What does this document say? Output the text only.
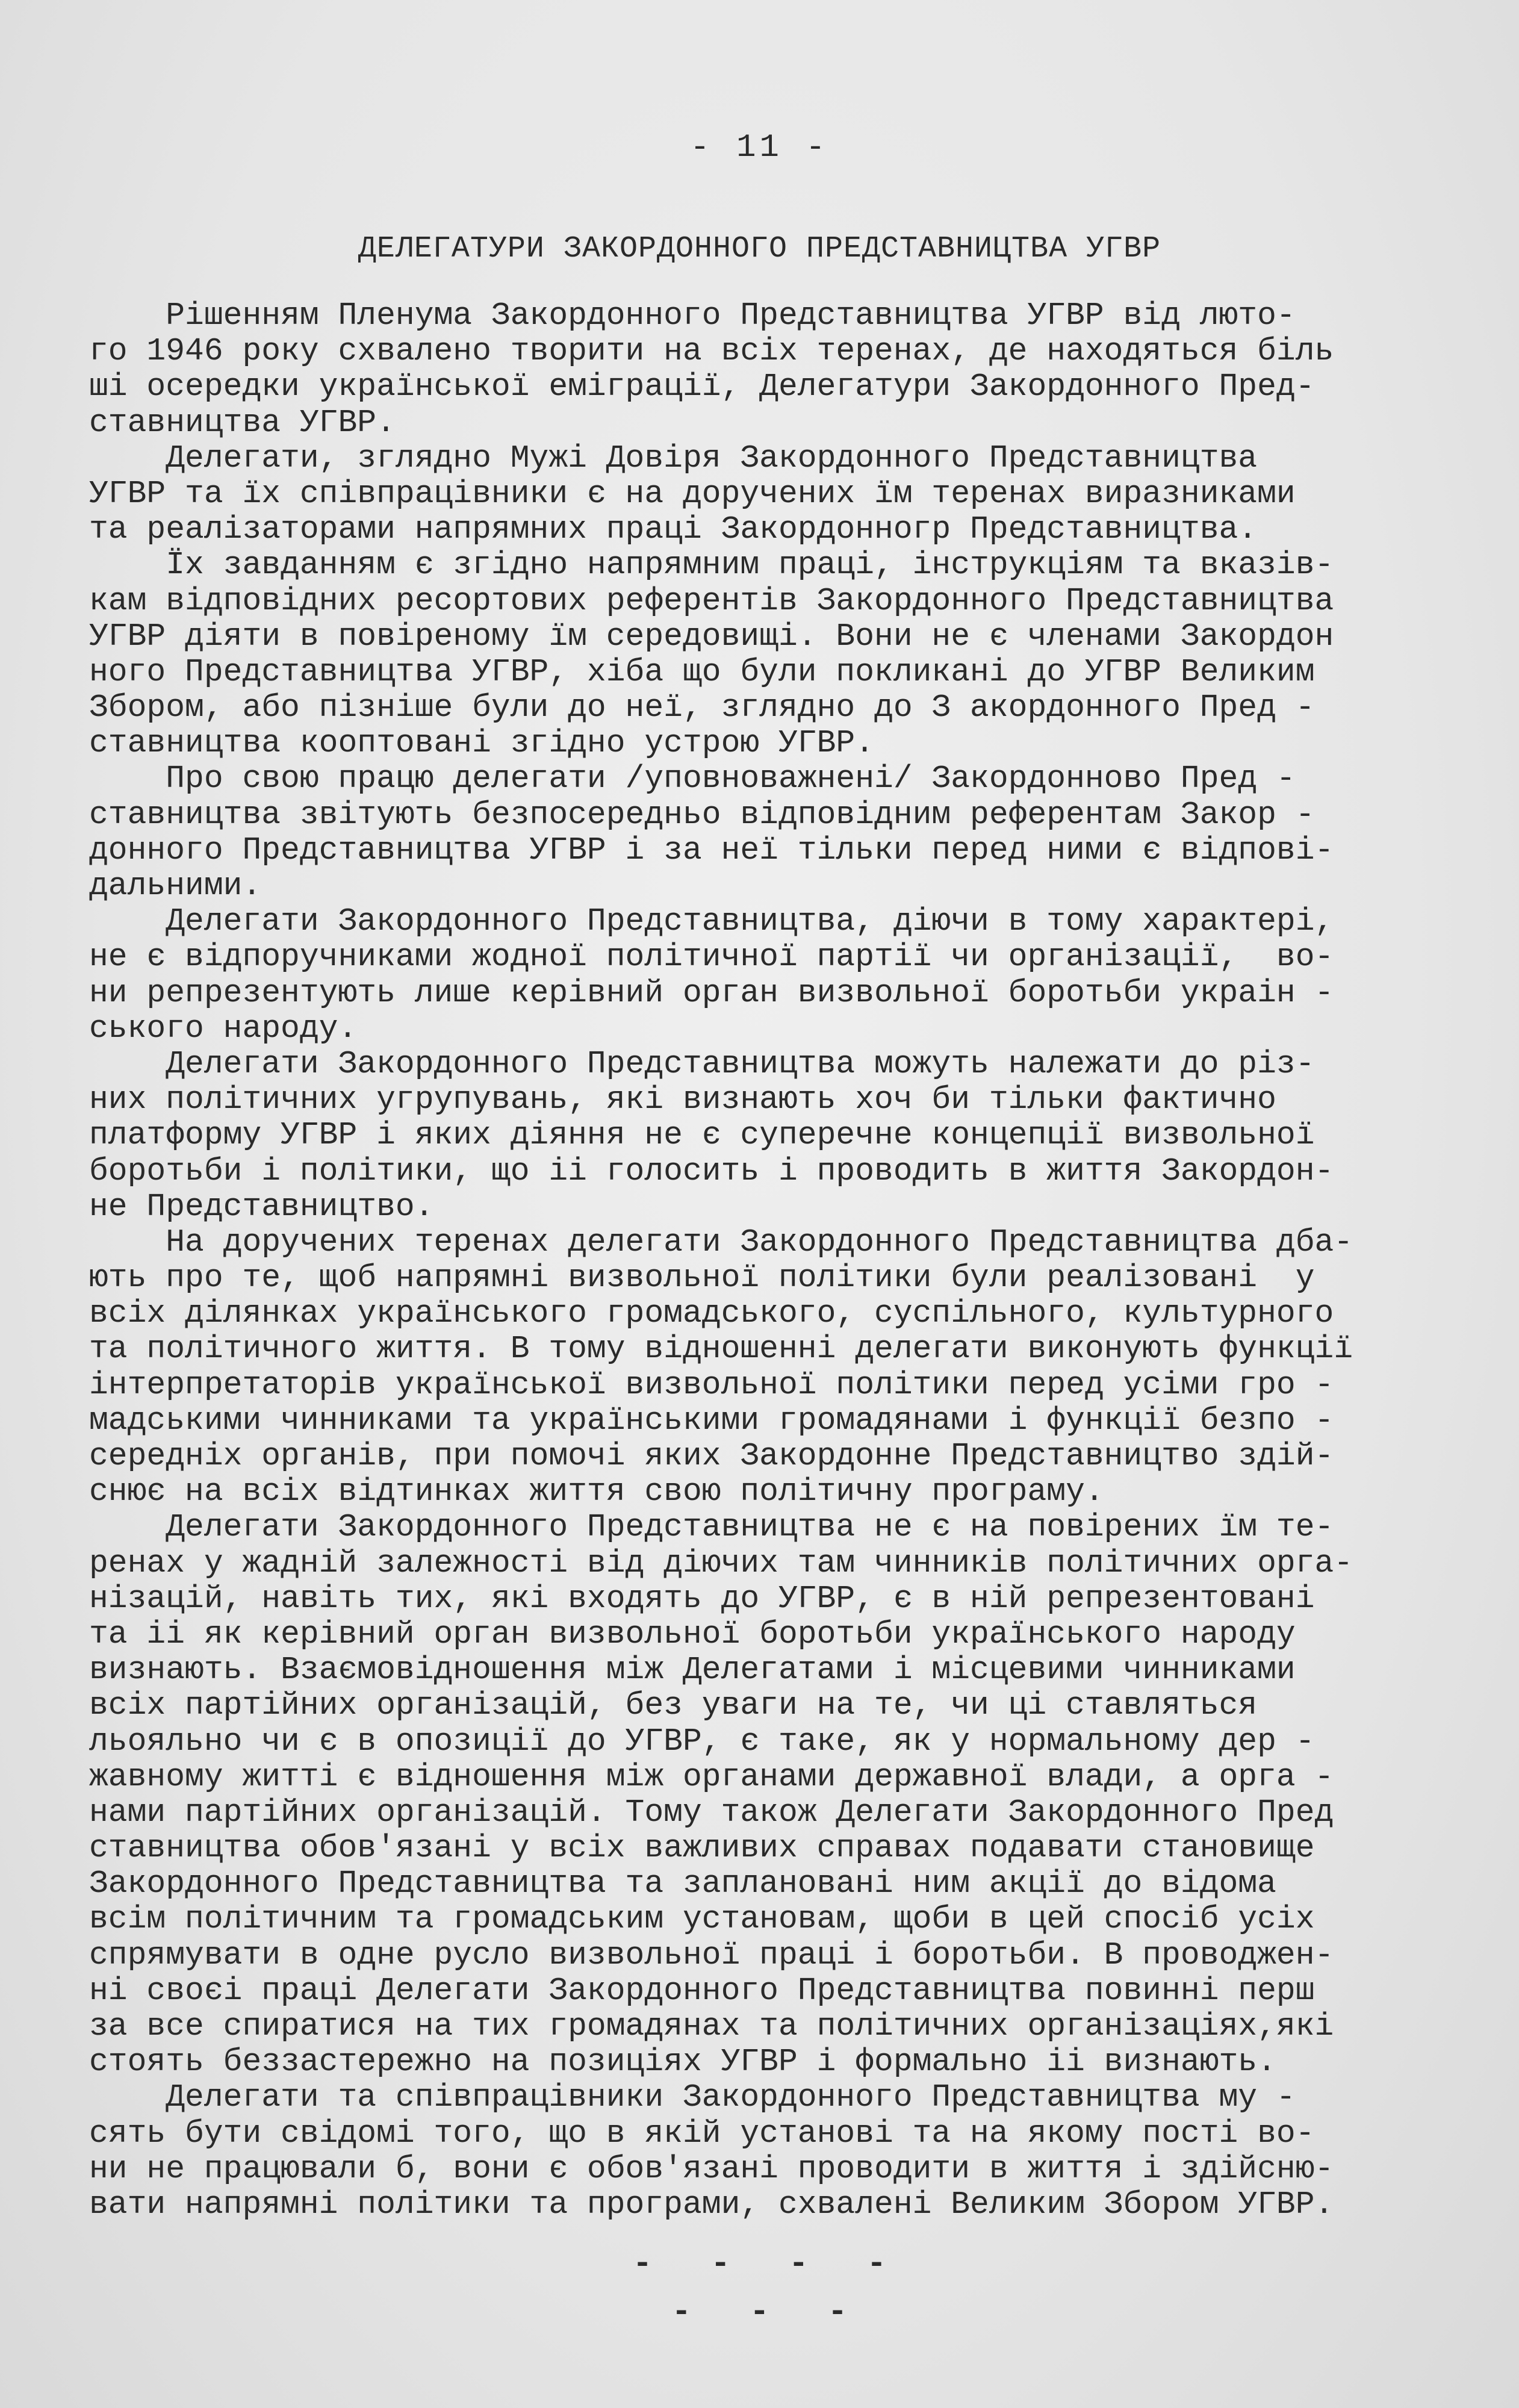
- 11 -
ДЕЛЕГАТУРИ ЗАКОРДОННОГО ПРЕДСТАВНИЦТВА УГВР
Рішенням Пленума Закордонного Представництва УГВР від люто-
го 1946 року схвалено творити на всіх теренах, де находяться біль
ші осередки української еміграції, Делегатури Закордонного Пред-
ставництва УГВР.
Делегати, зглядно Мужі Довіря Закордонного Представництва
УГВР та їх співпрацівники є на доручених їм теренах виразниками
та реалізаторами напрямних праці Закордонногр Представництва.
Їх завданням є згідно напрямним праці, інструкціям та вказів-
кам відповідних ресортових референтів Закордонного Представництва
УГВР діяти в повіреному їм середовищі. Вони не є членами Закордон
ного Представництва УГВР, хіба що були покликані до УГВР Великим
Збором, або пізніше були до неї, зглядно до З акордонного Пред -
ставництва кооптовані згідно устрою УГВР.
Про свою працю делегати /уповноважнені/ Закордонново Пред -
ставництва звітують безпосередньо відповідним референтам Закор -
донного Представництва УГВР і за неї тільки перед ними є відпові-
дальними.
Делегати Закордонного Представництва, діючи в тому характері,
не є відпоручниками жодної політичної партії чи організації,  во-
ни репрезентують лише керівний орган визвольної боротьби украін -
ського народу.
Делегати Закордонного Представництва можуть належати до різ-
них політичних угрупувань, які визнають хоч би тільки фактично
платформу УГВР і яких діяння не є суперечне концепції визвольної
боротьби і політики, що іі голосить і проводить в життя Закордон-
не Представництво.
На доручених теренах делегати Закордонного Представництва дба-
ють про те, щоб напрямні визвольної політики були реалізовані  у
всіх ділянках українського громадського, суспільного, культурного
та політичного життя. В тому відношенні делегати виконують функції
інтерпретаторів української визвольної політики перед усіми гро -
мадськими чинниками та українськими громадянами і функції безпо -
середніх органів, при помочі яких Закордонне Представництво здій-
снює на всіх відтинках життя свою політичну програму.
Делегати Закордонного Представництва не є на повірених їм те-
ренах у жадній залежності від діючих там чинників політичних орга-
нізацій, навіть тих, які входять до УГВР, є в ній репрезентовані
та іі як керівний орган визвольної боротьби українського народу
визнають. Взаємовідношення між Делегатами і місцевими чинниками
всіх партійних організацій, без уваги на те, чи ці ставляться
льояльно чи є в опозиції до УГВР, є таке, як у нормальному дер -
жавному житті є відношення між органами державної влади, а орга -
нами партійних організацій. Тому також Делегати Закордонного Пред
ставництва обов'язані у всіх важливих справах подавати становище
Закордонного Представництва та заплановані ним акції до відома
всім політичним та громадським установам, щоби в цей спосіб усіх
спрямувати в одне русло визвольної праці і боротьби. В проводжен-
ні своєі праці Делегати Закордонного Представництва повинні перш
за все спиратися на тих громадянах та політичних організаціях,які
стоять беззастережно на позиціях УГВР і формально іі визнають.
Делегати та співпрацівники Закордонного Представництва му -
сять бути свідомі того, що в якій установі та на якому пості во-
ни не працювали б, вони є обов'язані проводити в життя і здійсню-
вати напрямні політики та програми, схвалені Великим Збором УГВР.
-   -   -   -
-   -   -
